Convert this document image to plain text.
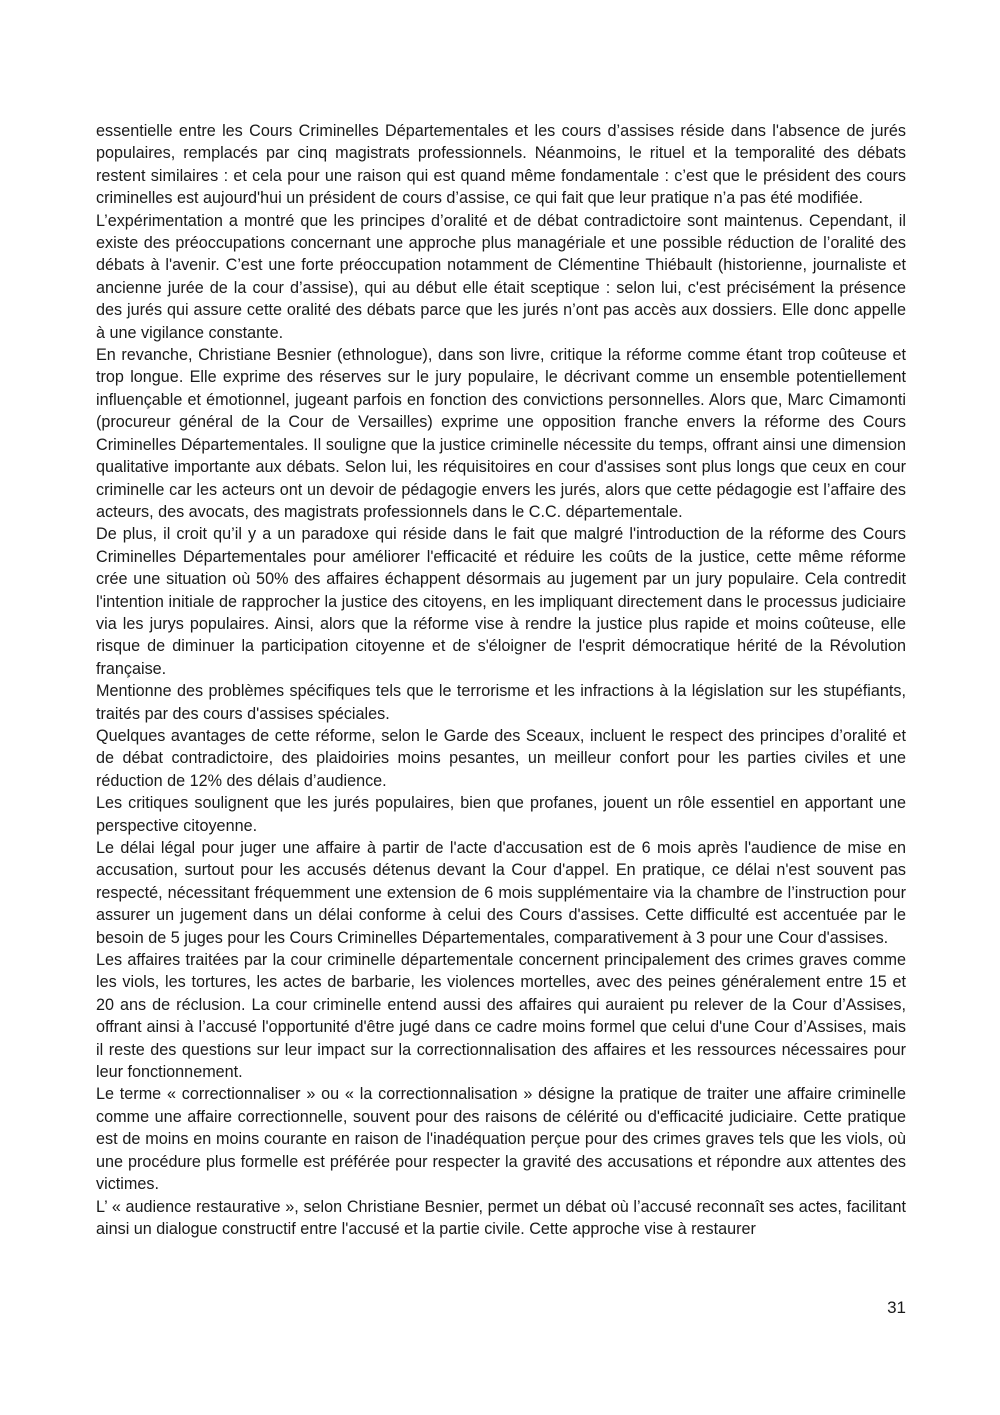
essentielle entre les Cours Criminelles Départementales et les cours d’assises réside dans l'absence de jurés populaires, remplacés par cinq magistrats professionnels. Néanmoins, le rituel et la temporalité des débats restent similaires : et cela pour une raison qui est quand même fondamentale : c’est que le président des cours criminelles est aujourd'hui un président de cours d’assise, ce qui fait que leur pratique n’a pas été modifiée.

L’expérimentation a montré que les principes d’oralité et de débat contradictoire sont maintenus. Cependant, il existe des préoccupations concernant une approche plus managériale et une possible réduction de l’oralité des débats à l'avenir. C’est une forte préoccupation notamment de Clémentine Thiébault (historienne, journaliste et ancienne jurée de la cour d’assise), qui au début elle était sceptique : selon lui, c'est précisément la présence des jurés qui assure cette oralité des débats parce que les jurés n’ont pas accès aux dossiers. Elle donc appelle à une vigilance constante.

En revanche, Christiane Besnier (ethnologue), dans son livre, critique la réforme comme étant trop coûteuse et trop longue. Elle exprime des réserves sur le jury populaire, le décrivant comme un ensemble potentiellement influençable et émotionnel, jugeant parfois en fonction des convictions personnelles. Alors que, Marc Cimamonti (procureur général de la Cour de Versailles) exprime une opposition franche envers la réforme des Cours Criminelles Départementales. Il souligne que la justice criminelle nécessite du temps, offrant ainsi une dimension qualitative importante aux débats. Selon lui, les réquisitoires en cour d'assises sont plus longs que ceux en cour criminelle car les acteurs ont un devoir de pédagogie envers les jurés, alors que cette pédagogie est l’affaire des acteurs, des avocats, des magistrats professionnels dans le C.C. départementale.

De plus, il croit qu’il y a un paradoxe qui réside dans le fait que malgré l'introduction de la réforme des Cours Criminelles Départementales pour améliorer l'efficacité et réduire les coûts de la justice, cette même réforme crée une situation où 50% des affaires échappent désormais au jugement par un jury populaire. Cela contredit l'intention initiale de rapprocher la justice des citoyens, en les impliquant directement dans le processus judiciaire via les jurys populaires. Ainsi, alors que la réforme vise à rendre la justice plus rapide et moins coûteuse, elle risque de diminuer la participation citoyenne et de s'éloigner de l'esprit démocratique hérité de la Révolution française.

Mentionne des problèmes spécifiques tels que le terrorisme et les infractions à la législation sur les stupéfiants, traités par des cours d'assises spéciales.

Quelques avantages de cette réforme, selon le Garde des Sceaux, incluent le respect des principes d’oralité et de débat contradictoire, des plaidoiries moins pesantes, un meilleur confort pour les parties civiles et une réduction de 12% des délais d’audience.

Les critiques soulignent que les jurés populaires, bien que profanes, jouent un rôle essentiel en apportant une perspective citoyenne.

Le délai légal pour juger une affaire à partir de l'acte d'accusation est de 6 mois après l'audience de mise en accusation, surtout pour les accusés détenus devant la Cour d'appel. En pratique, ce délai n'est souvent pas respecté, nécessitant fréquemment une extension de 6 mois supplémentaire via la chambre de l’instruction pour assurer un jugement dans un délai conforme à celui des Cours d'assises. Cette difficulté est accentuée par le besoin de 5 juges pour les Cours Criminelles Départementales, comparativement à 3 pour une Cour d'assises.

Les affaires traitées par la cour criminelle départementale concernent principalement des crimes graves comme les viols, les tortures, les actes de barbarie, les violences mortelles, avec des peines généralement entre 15 et 20 ans de réclusion. La cour criminelle entend aussi des affaires qui auraient pu relever de la Cour d’Assises, offrant ainsi à l’accusé l'opportunité d'être jugé dans ce cadre moins formel que celui d'une Cour d’Assises, mais il reste des questions sur leur impact sur la correctionnalisation des affaires et les ressources nécessaires pour leur fonctionnement.

Le terme « correctionnaliser » ou « la correctionnalisation » désigne la pratique de traiter une affaire criminelle comme une affaire correctionnelle, souvent pour des raisons de célérité ou d'efficacité judiciaire. Cette pratique est de moins en moins courante en raison de l'inadéquation perçue pour des crimes graves tels que les viols, où une procédure plus formelle est préférée pour respecter la gravité des accusations et répondre aux attentes des victimes.

L’ « audience restaurative », selon Christiane Besnier, permet un débat où l’accusé reconnaît ses actes, facilitant ainsi un dialogue constructif entre l'accusé et la partie civile. Cette approche vise à restaurer

31
